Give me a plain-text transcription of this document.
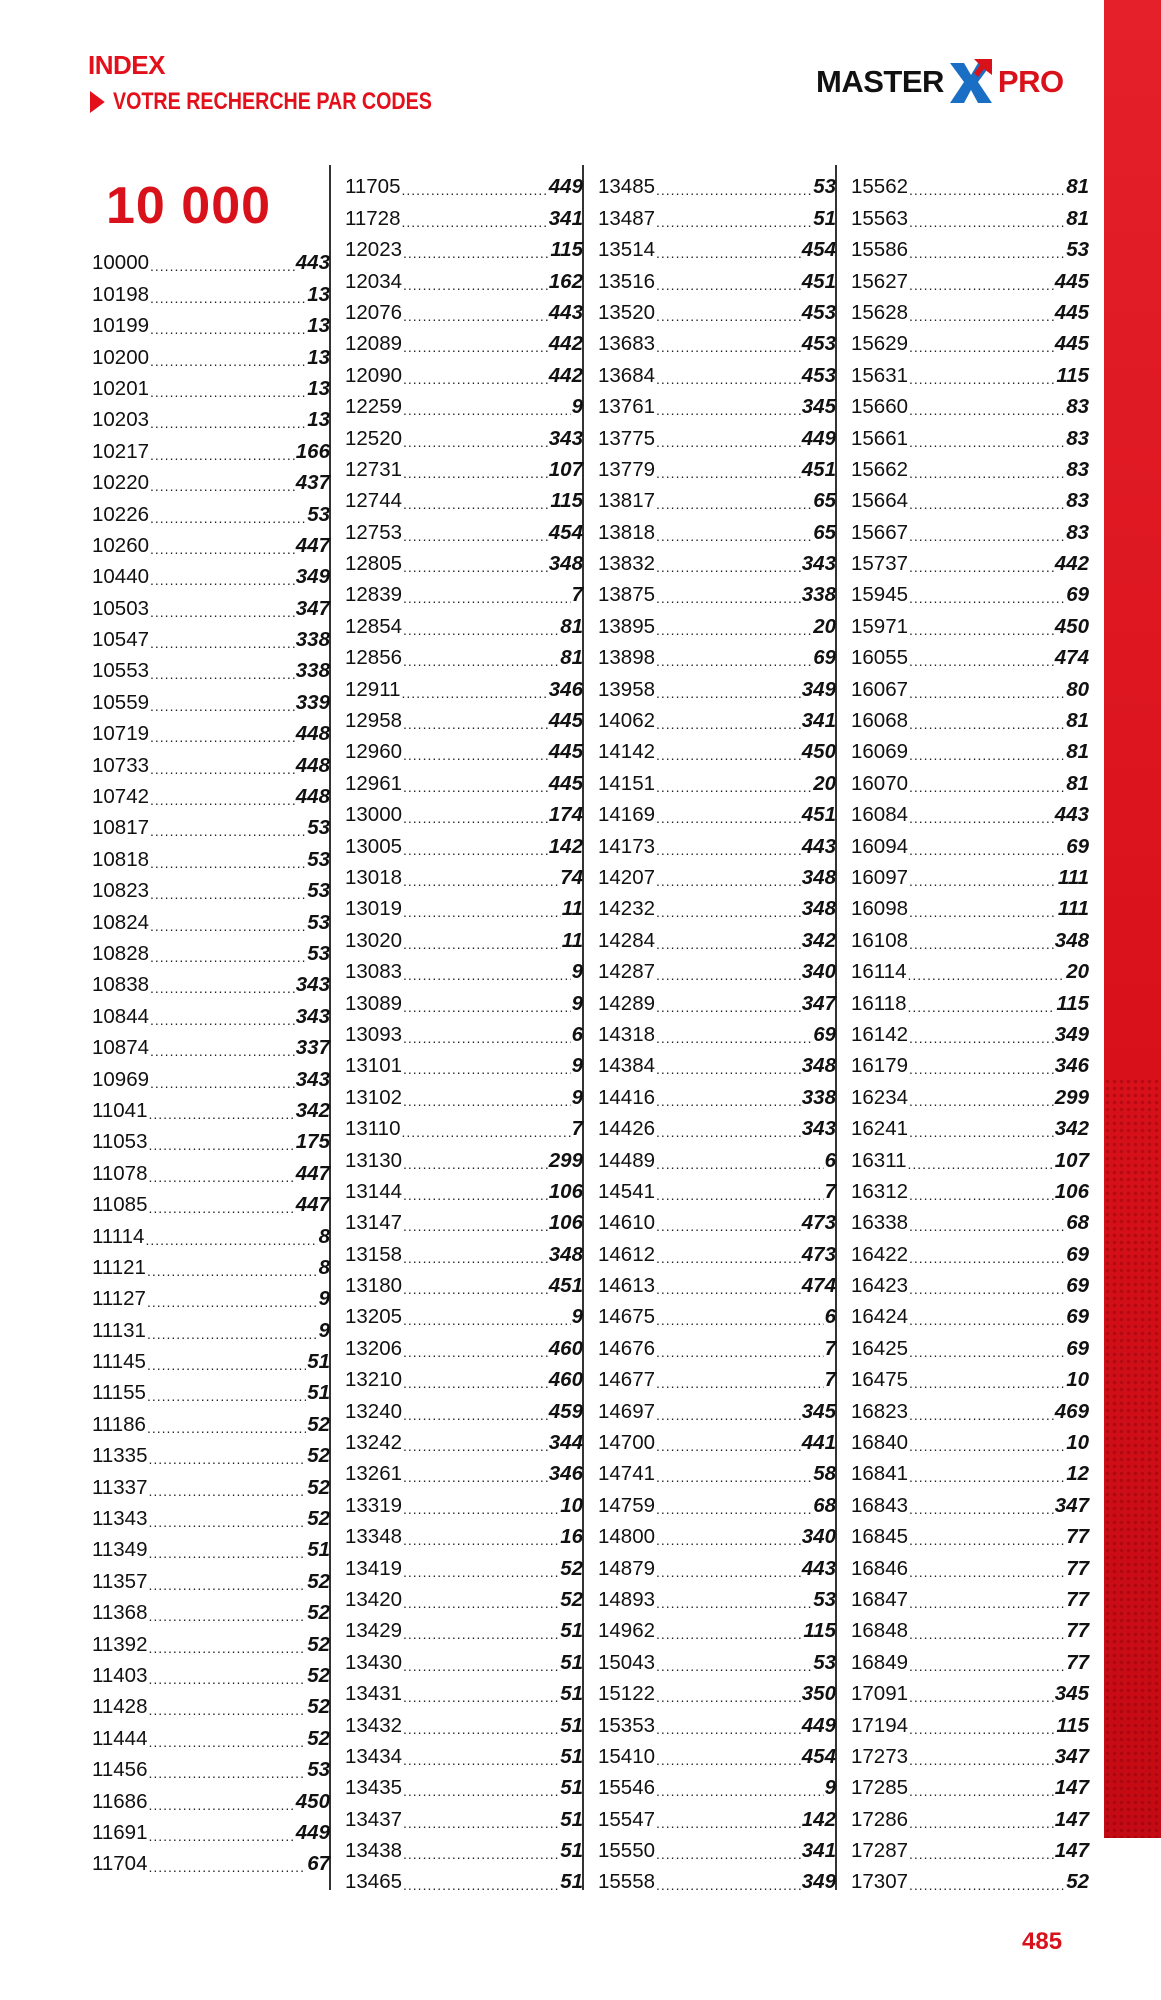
INDEX
VOTRE RECHERCHE PAR CODES
MASTER PRO
10 000
10000 .....	443
10198 .....	13
10199 .....	13
10200 .....	13
10201 .....	13
10203 .....	13
10217 .....	166
10220 .....	437
10226 .....	53
10260 .....	447
10440 .....	349
10503 .....	347
10547 .....	338
10553 .....	338
10559 .....	339
10719 .....	448
10733 .....	448
10742 .....	448
10817 .....	53
10818 .....	53
10823 .....	53
10824 .....	53
10828 .....	53
10838 .....	343
10844 .....	343
10874 .....	337
10969 .....	343
11041 .....	342
11053 .....	175
11078 .....	447
11085 .....	447
11114 .....	8
11121 .....	8
11127 .....	9
11131 .....	9
11145 .....	51
11155 .....	51
11186 .....	52
11335 .....	52
11337 .....	52
11343 .....	52
11349 .....	51
11357 .....	52
11368 .....	52
11392 .....	52
11403 .....	52
11428 .....	52
11444 .....	52
11456 .....	53
11686 .....	450
11691 .....	449
11704 .....	67
11705 .....	449
11728 .....	341
12023 .....	115
12034 .....	162
12076 .....	443
12089 .....	442
12090 .....	442
12259 .....	9
12520 .....	343
12731 .....	107
12744 .....	115
12753 .....	454
12805 .....	348
12839 .....	7
12854 .....	81
12856 .....	81
12911 .....	346
12958 .....	445
12960 .....	445
12961 .....	445
13000 .....	174
13005 .....	142
13018 .....	74
13019 .....	11
13020 .....	11
13083 .....	9
13089 .....	9
13093 .....	6
13101 .....	9
13102 .....	9
13110 .....	7
13130 .....	299
13144 .....	106
13147 .....	106
13158 .....	348
13180 .....	451
13205 .....	9
13206 .....	460
13210 .....	460
13240 .....	459
13242 .....	344
13261 .....	346
13319 .....	10
13348 .....	16
13419 .....	52
13420 .....	52
13429 .....	51
13430 .....	51
13431 .....	51
13432 .....	51
13434 .....	51
13435 .....	51
13437 .....	51
13438 .....	51
13465 .....	51
13485 .....	53
13487 .....	51
13514 .....	454
13516 .....	451
13520 .....	453
13683 .....	453
13684 .....	453
13761 .....	345
13775 .....	449
13779 .....	451
13817 .....	65
13818 .....	65
13832 .....	343
13875 .....	338
13895 .....	20
13898 .....	69
13958 .....	349
14062 .....	341
14142 .....	450
14151 .....	20
14169 .....	451
14173 .....	443
14207 .....	348
14232 .....	348
14284 .....	342
14287 .....	340
14289 .....	347
14318 .....	69
14384 .....	348
14416 .....	338
14426 .....	343
14489 .....	6
14541 .....	7
14610 .....	473
14612 .....	473
14613 .....	474
14675 .....	6
14676 .....	7
14677 .....	7
14697 .....	345
14700 .....	441
14741 .....	58
14759 .....	68
14800 .....	340
14879 .....	443
14893 .....	53
14962 .....	115
15043 .....	53
15122 .....	350
15353 .....	449
15410 .....	454
15546 .....	9
15547 .....	142
15550 .....	341
15558 .....	349
15562 .....	81
15563 .....	81
15586 .....	53
15627 .....	445
15628 .....	445
15629 .....	445
15631 .....	115
15660 .....	83
15661 .....	83
15662 .....	83
15664 .....	83
15667 .....	83
15737 .....	442
15945 .....	69
15971 .....	450
16055 .....	474
16067 .....	80
16068 .....	81
16069 .....	81
16070 .....	81
16084 .....	443
16094 .....	69
16097 .....	111
16098 .....	111
16108 .....	348
16114 .....	20
16118 .....	115
16142 .....	349
16179 .....	346
16234 .....	299
16241 .....	342
16311 .....	107
16312 .....	106
16338 .....	68
16422 .....	69
16423 .....	69
16424 .....	69
16425 .....	69
16475 .....	10
16823 .....	469
16840 .....	10
16841 .....	12
16843 .....	347
16845 .....	77
16846 .....	77
16847 .....	77
16848 .....	77
16849 .....	77
17091 .....	345
17194 .....	115
17273 .....	347
17285 .....	147
17286 .....	147
17287 .....	147
17307 .....	52
485
